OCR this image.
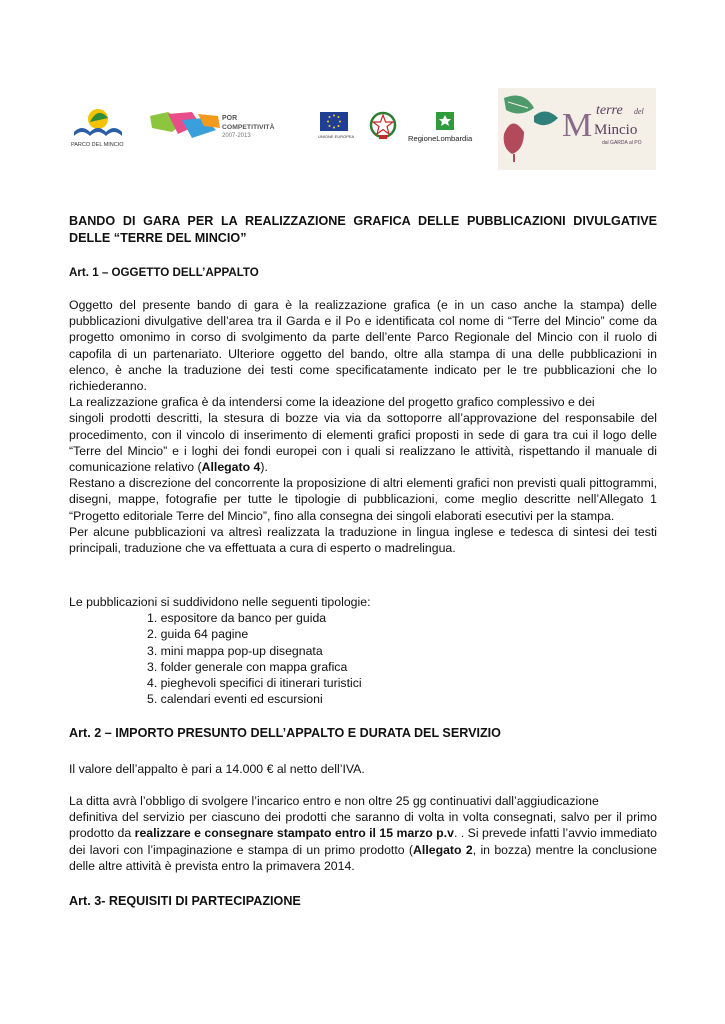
PARCO DEL MINCIO
POR
COMPETITIVITÀ
2007-2013	UNIONE EUROPEA	RegioneLombardia	M terre del
Mincio
dal GARDA al PO
BANDO DI GARA PER LA REALIZZAZIONE GRAFICA DELLE PUBBLICAZIONI DIVULGATIVE DELLE “TERRE DEL MINCIO”
Art. 1 – OGGETTO DELL’APPALTO

Oggetto del presente bando di gara è la realizzazione grafica (e in un caso anche la stampa) delle pubblicazioni divulgative dell’area tra il Garda e il Po e identificata col nome di “Terre del Mincio” come da progetto omonimo in corso di svolgimento da parte dell’ente Parco Regionale del Mincio con il ruolo di capofila di un partenariato. Ulteriore oggetto del bando, oltre alla stampa di una delle pubblicazioni in elenco, è anche la traduzione dei testi come specificatamente indicato per le tre pubblicazioni che lo richiederanno.

La realizzazione grafica è da intendersi come la ideazione del progetto grafico complessivo e dei

singoli prodotti descritti, la stesura di bozze via via da sottoporre all’approvazione del responsabile del procedimento, con il vincolo di inserimento di elementi grafici proposti in sede di gara tra cui il logo delle “Terre del Mincio” e i loghi dei fondi europei con i quali si realizzano le attività, rispettando il manuale di comunicazione relativo (Allegato 4).

Restano a discrezione del concorrente la proposizione di altri elementi grafici non previsti quali pittogrammi, disegni, mappe, fotografie per tutte le tipologie di pubblicazioni, come meglio descritte nell’Allegato 1 “Progetto editoriale Terre del Mincio”, fino alla consegna dei singoli elaborati esecutivi per la stampa.

Per alcune pubblicazioni va altresì realizzata la traduzione in lingua inglese e tedesca di sintesi dei testi principali, traduzione che va effettuata a cura di esperto o madrelingua.

Le pubblicazioni si suddividono nelle seguenti tipologie:

1. espositore da banco per guida
2. guida 64 pagine
3. mini mappa pop-up disegnata
3. folder generale con mappa grafica
4. pieghevoli specifici di itinerari turistici
5. calendari eventi ed escursioni
Art. 2 – IMPORTO PRESUNTO DELL’APPALTO E DURATA DEL SERVIZIO
Il valore dell’appalto è pari a 14.000 € al netto dell’IVA.

La ditta avrà l’obbligo di svolgere l’incarico entro e non oltre 25 gg continuativi dall’aggiudicazione

definitiva del servizio per ciascuno dei prodotti che saranno di volta in volta consegnati, salvo per il primo prodotto da realizzare e consegnare stampato entro il 15 marzo p.v. . Si prevede infatti l’avvio immediato dei lavori con l’impaginazione e stampa di un primo prodotto (Allegato 2, in bozza) mentre la conclusione delle altre attività è prevista entro la primavera 2014.

Art. 3- REQUISITI DI PARTECIPAZIONE
